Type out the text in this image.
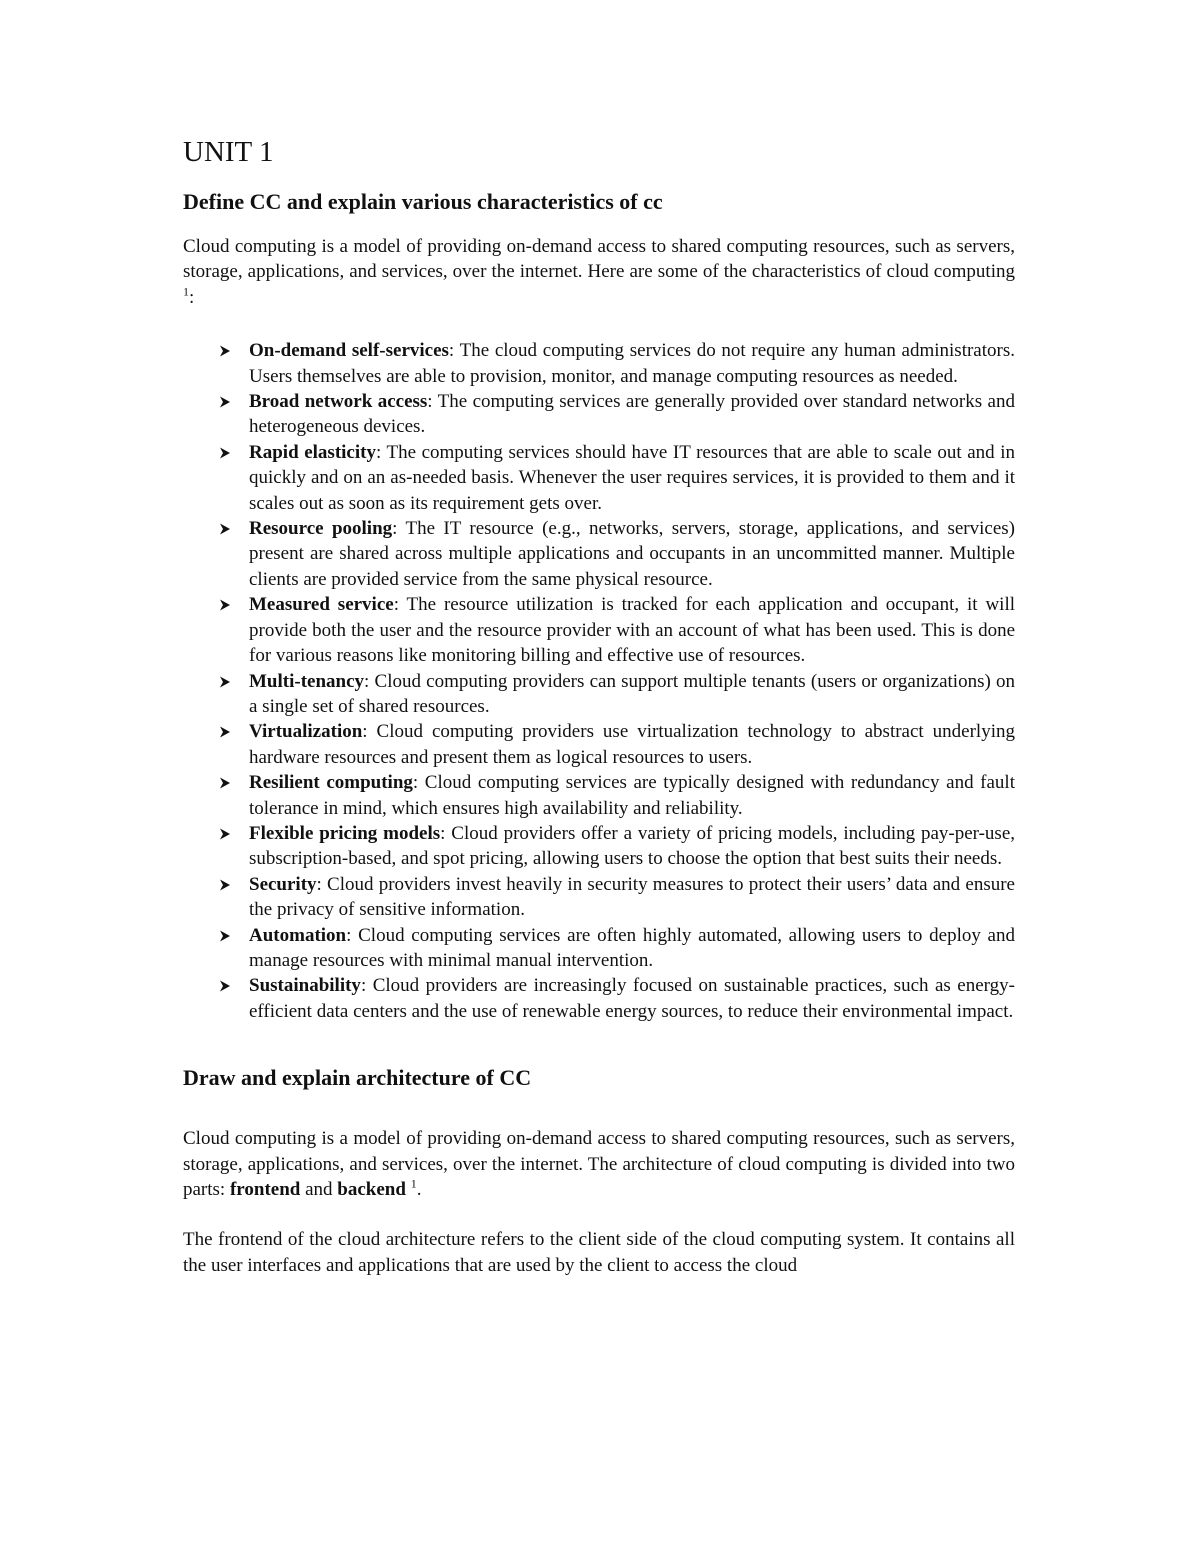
UNIT 1
Define CC and explain various characteristics of cc

Cloud computing is a model of providing on-demand access to shared computing resources, such as servers, storage, applications, and services, over the internet. Here are some of the characteristics of cloud computing $^1$:

On-demand self-services: The cloud computing services do not require any human administrators. Users themselves are able to provision, monitor, and manage computing resources as needed.
Broad network access: The computing services are generally provided over standard networks and heterogeneous devices.
Rapid elasticity: The computing services should have IT resources that are able to scale out and in quickly and on an as-needed basis. Whenever the user requires services, it is provided to them and it scales out as soon as its requirement gets over.
Resource pooling: The IT resource (e.g., networks, servers, storage, applications, and services) present are shared across multiple applications and occupants in an uncommitted manner. Multiple clients are provided service from the same physical resource.
Measured service: The resource utilization is tracked for each application and occupant, it will provide both the user and the resource provider with an account of what has been used. This is done for various reasons like monitoring billing and effective use of resources.
Multi-tenancy: Cloud computing providers can support multiple tenants (users or organizations) on a single set of shared resources.
Virtualization: Cloud computing providers use virtualization technology to abstract underlying hardware resources and present them as logical resources to users.
Resilient computing: Cloud computing services are typically designed with redundancy and fault tolerance in mind, which ensures high availability and reliability.
Flexible pricing models: Cloud providers offer a variety of pricing models, including pay-per-use, subscription-based, and spot pricing, allowing users to choose the option that best suits their needs.
Security: Cloud providers invest heavily in security measures to protect their users’ data and ensure the privacy of sensitive information.
Automation: Cloud computing services are often highly automated, allowing users to deploy and manage resources with minimal manual intervention.
Sustainability: Cloud providers are increasingly focused on sustainable practices, such as energy-efficient data centers and the use of renewable energy sources, to reduce their environmental impact.
Draw and explain architecture of CC

Cloud computing is a model of providing on-demand access to shared computing resources, such as servers, storage, applications, and services, over the internet. The architecture of cloud computing is divided into two parts: frontend and backend $^1$.

The frontend of the cloud architecture refers to the client side of the cloud computing system. It contains all the user interfaces and applications that are used by the client to access the cloud
